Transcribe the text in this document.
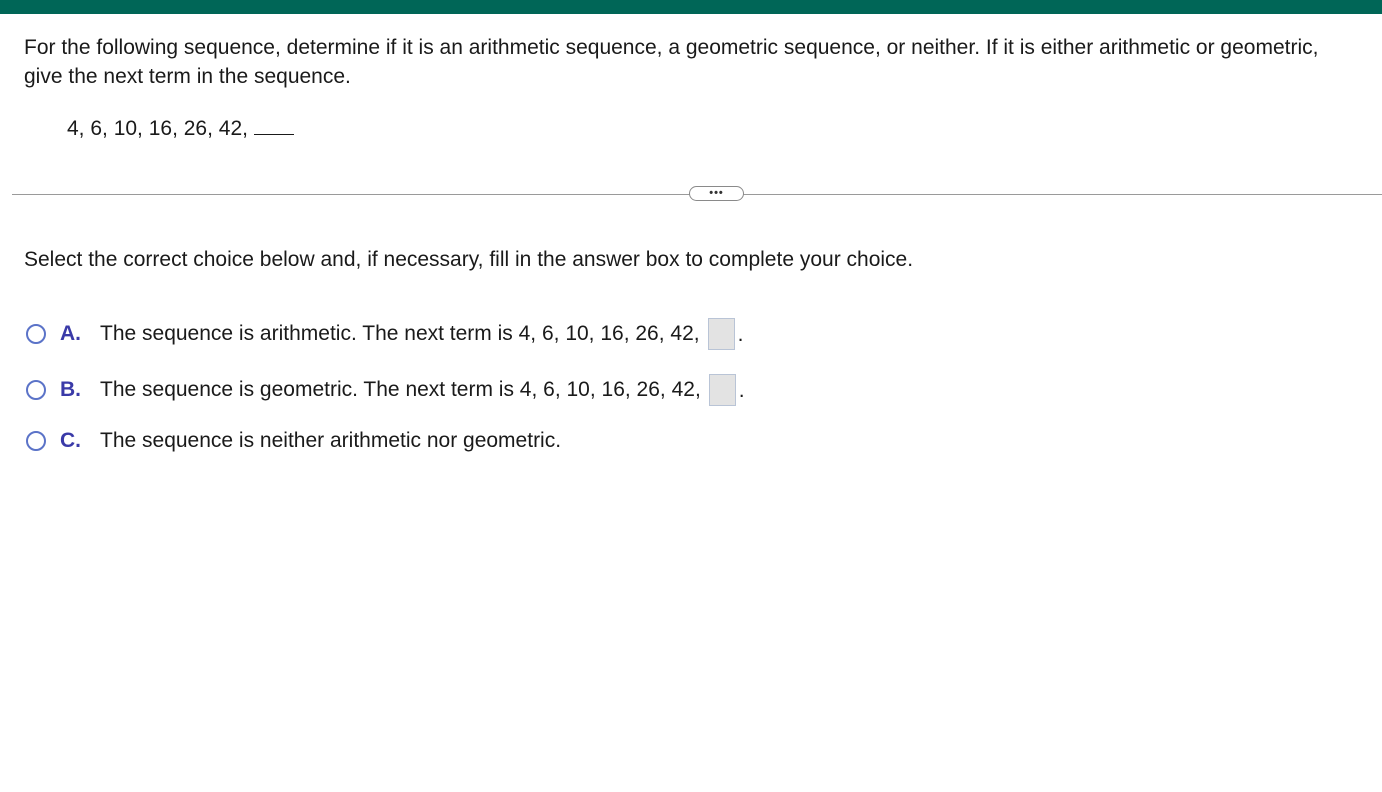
For the following sequence, determine if it is an arithmetic sequence, a geometric sequence, or neither. If it is either arithmetic or geometric, give the next term in the sequence.
4, 6, 10, 16, 26, 42,
•••
Select the correct choice below and, if necessary, fill in the answer box to complete your choice.
A. The sequence is arithmetic. The next term is 4, 6, 10, 16, 26, 42, .
B. The sequence is geometric. The next term is 4, 6, 10, 16, 26, 42, .
C. The sequence is neither arithmetic nor geometric.
